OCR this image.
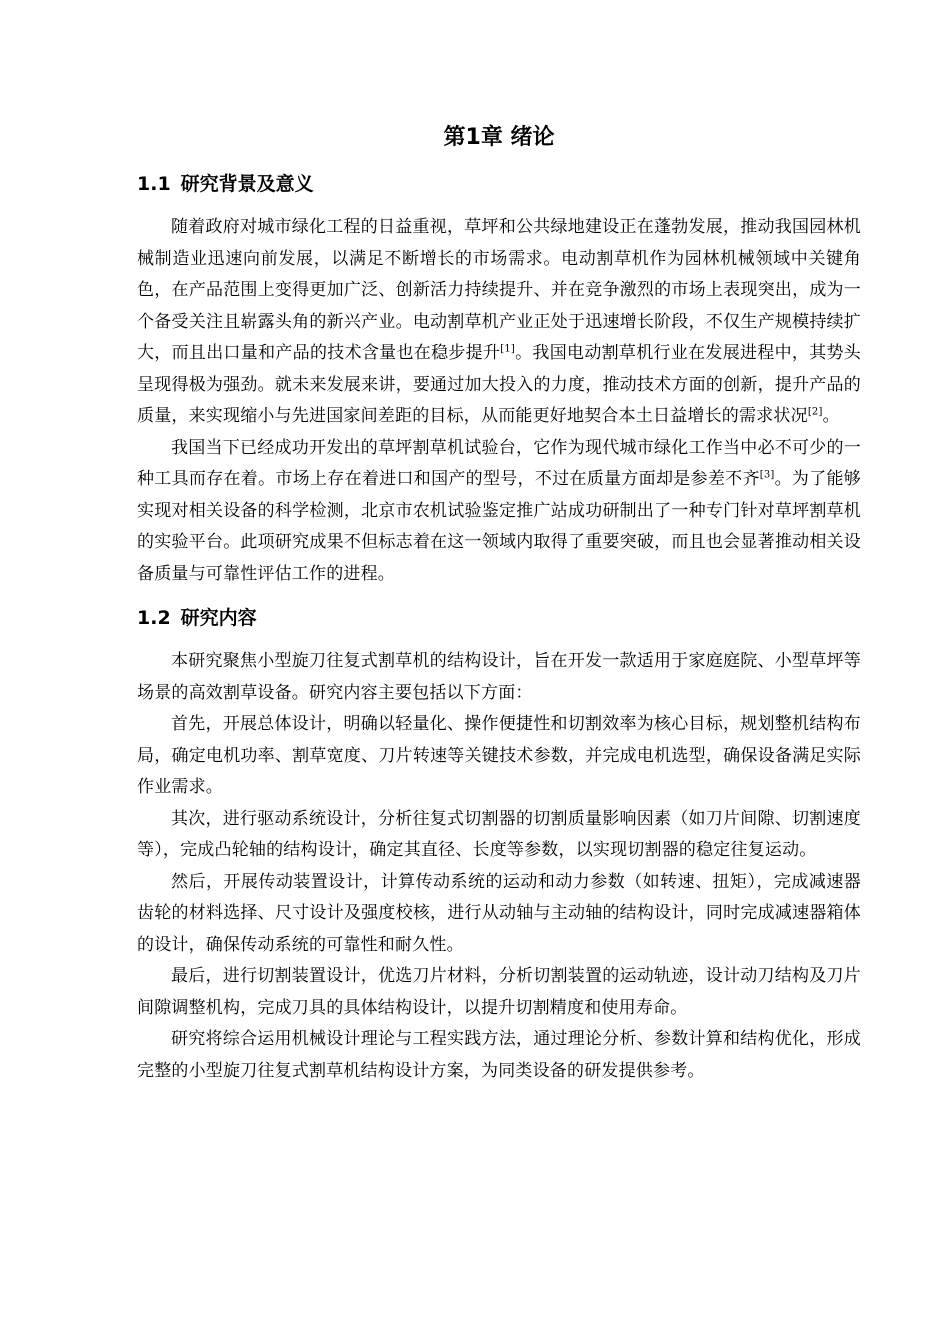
第1章 绪论
1.1 研究背景及意义

随着政府对城市绿化工程的日益重视，草坪和公共绿地建设正在蓬勃发展，推动我国园林机械制造业迅速向前发展，以满足不断增长的市场需求。电动割草机作为园林机械领域中关键角色，在产品范围上变得更加广泛、创新活力持续提升、并在竞争激烈的市场上表现突出，成为一个备受关注且崭露头角的新兴产业。电动割草机产业正处于迅速增长阶段，不仅生产规模持续扩大，而且出口量和产品的技术含量也在稳步提升[1]。我国电动割草机行业在发展进程中，其势头呈现得极为强劲。就未来发展来讲，要通过加大投入的力度，推动技术方面的创新，提升产品的质量，来实现缩小与先进国家间差距的目标，从而能更好地契合本土日益增长的需求状况[2]。

我国当下已经成功开发出的草坪割草机试验台，它作为现代城市绿化工作当中必不可少的一种工具而存在着。市场上存在着进口和国产的型号，不过在质量方面却是参差不齐[3]。为了能够实现对相关设备的科学检测，北京市农机试验鉴定推广站成功研制出了一种专门针对草坪割草机的实验平台。此项研究成果不但标志着在这一领域内取得了重要突破，而且也会显著推动相关设备质量与可靠性评估工作的进程。

1.2 研究内容

本研究聚焦小型旋刀往复式割草机的结构设计，旨在开发一款适用于家庭庭院、小型草坪等场景的高效割草设备。研究内容主要包括以下方面：

首先，开展总体设计，明确以轻量化、操作便捷性和切割效率为核心目标，规划整机结构布局，确定电机功率、割草宽度、刀片转速等关键技术参数，并完成电机选型，确保设备满足实际作业需求。

其次，进行驱动系统设计，分析往复式切割器的切割质量影响因素（如刀片间隙、切割速度等），完成凸轮轴的结构设计，确定其直径、长度等参数，以实现切割器的稳定往复运动。

然后，开展传动装置设计，计算传动系统的运动和动力参数（如转速、扭矩），完成减速器齿轮的材料选择、尺寸设计及强度校核，进行从动轴与主动轴的结构设计，同时完成减速器箱体的设计，确保传动系统的可靠性和耐久性。

最后，进行切割装置设计，优选刀片材料，分析切割装置的运动轨迹，设计动刀结构及刀片间隙调整机构，完成刀具的具体结构设计，以提升切割精度和使用寿命。

研究将综合运用机械设计理论与工程实践方法，通过理论分析、参数计算和结构优化，形成完整的小型旋刀往复式割草机结构设计方案，为同类设备的研发提供参考。
